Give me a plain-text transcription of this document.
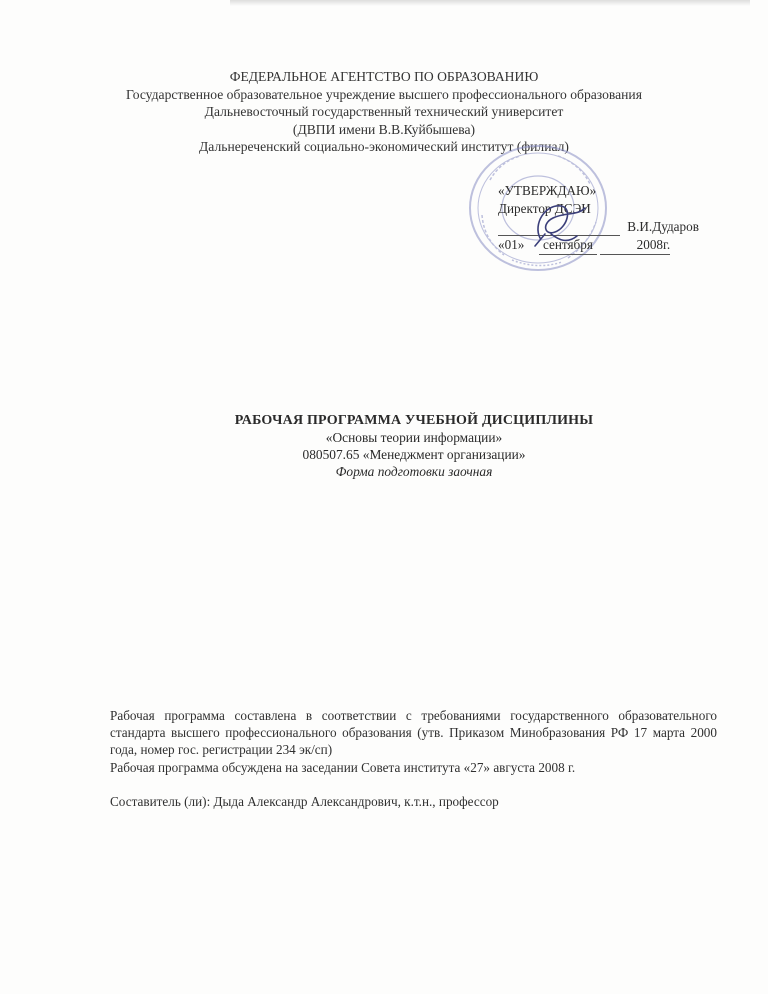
ФЕДЕРАЛЬНОЕ АГЕНТСТВО ПО ОБРАЗОВАНИЮ
Государственное образовательное учреждение высшего профессионального образования
Дальневосточный государственный технический университет
(ДВПИ имени В.В.Куйбышева)
Дальнереченский социально-экономический институт (филиал)
«УТВЕРЖДАЮ»
Директор ДСЭИ
В.И.Дударов
«01» сентября	2008г.
РАБОЧАЯ ПРОГРАММА УЧЕБНОЙ ДИСЦИПЛИНЫ
«Основы теории информации»
080507.65 «Менеджмент организации»
Форма подготовки заочная

Рабочая программа составлена в соответствии с требованиями государственного образовательного стандарта высшего профессионального образования (утв. Приказом Минобразования РФ 17 марта 2000 года, номер гос. регистрации 234 эк/сп)

Рабочая программа обсуждена на заседании Совета института «27» августа 2008 г.

Составитель (ли): Дыда Александр Александрович, к.т.н., профессор
